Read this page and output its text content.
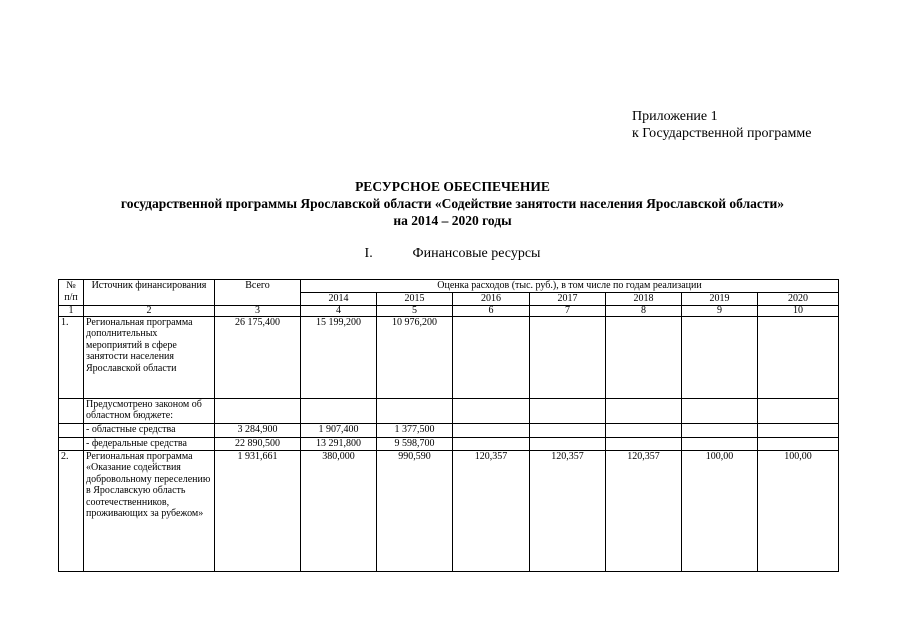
Приложение 1
к Государственной программе
РЕСУРСНОЕ ОБЕСПЕЧЕНИЕ
государственной программы Ярославской области «Содействие занятости населения Ярославской области»
на 2014 – 2020 годы
I.	Финансовые ресурсы
№ п/п	Источник финансирования	Всего	Оценка расходов (тыс. руб.), в том числе по годам реализации						
			2014	2015	2016	2017	2018	2019	2020
1	2	3	4	5	6	7	8	9	10
1.	Региональная программа дополнительных мероприятий в сфере занятости населения Ярославской области	26 175,400	15 199,200	10 976,200					
	Предусмотрено законом об областном бюджете:								
	- областные средства	3 284,900	1 907,400	1 377,500					
	- федеральные средства	22 890,500	13 291,800	9 598,700					
2.	Региональная программа «Оказание содействия добровольному переселению в Ярославскую область соотечественников, проживающих за рубежом»	1 931,661	380,000	990,590	120,357	120,357	120,357	100,00	100,00
